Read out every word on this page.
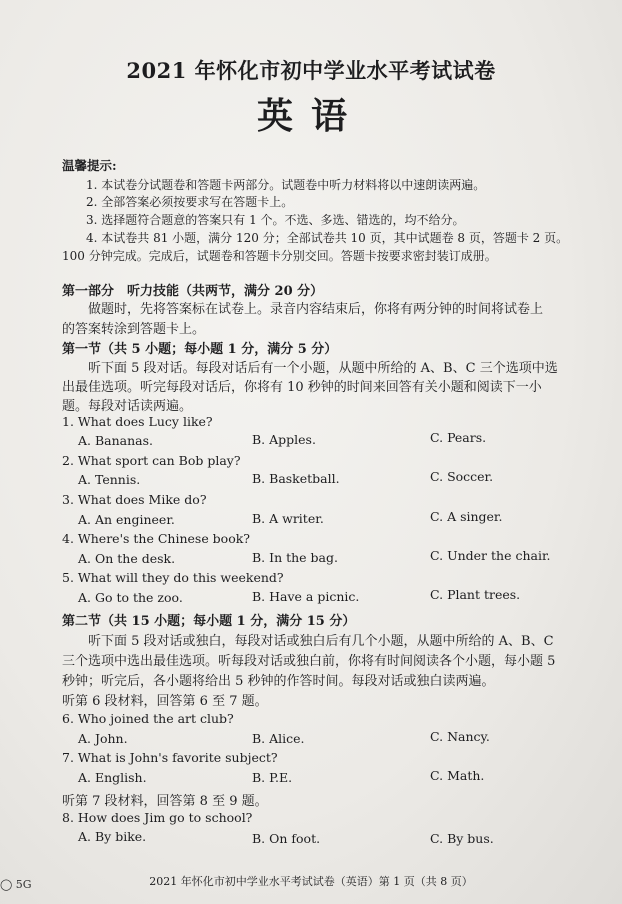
2021 年怀化市初中学业水平考试试卷
英语
温馨提示:
1. 本试卷分试题卷和答题卡两部分。试题卷中听力材料将以中速朗读两遍。
2. 全部答案必须按要求写在答题卡上。
3. 选择题符合题意的答案只有 1 个。不选、多选、错选的，均不给分。
4. 本试卷共 81 小题，满分 120 分；全部试卷共 10 页，其中试题卷 8 页，答题卡 2 页。
100 分钟完成。完成后，试题卷和答题卡分别交回。答题卡按要求密封装订成册。
第一部分　听力技能（共两节，满分 20 分）
做题时，先将答案标在试卷上。录音内容结束后，你将有两分钟的时间将试卷上
的答案转涂到答题卡上。
第一节（共 5 小题；每小题 1 分，满分 5 分）
听下面 5 段对话。每段对话后有一个小题，从题中所给的 A、B、C 三个选项中选
出最佳选项。听完每段对话后，你将有 10 秒钟的时间来回答有关小题和阅读下一小
题。每段对话读两遍。
1. What does Lucy like?
A. Bananas.	B. Apples.	C. Pears.
2. What sport can Bob play?
A. Tennis.	B. Basketball.	C. Soccer.
3. What does Mike do?
A. An engineer.	B. A writer.	C. A singer.
4. Where's the Chinese book?
A. On the desk.	B. In the bag.	C. Under the chair.
5. What will they do this weekend?
A. Go to the zoo.	B. Have a picnic.	C. Plant trees.
第二节（共 15 小题；每小题 1 分，满分 15 分）
听下面 5 段对话或独白，每段对话或独白后有几个小题，从题中所给的 A、B、C
三个选项中选出最佳选项。听每段对话或独白前，你将有时间阅读各个小题，每小题 5
秒钟；听完后，各小题将给出 5 秒钟的作答时间。每段对话或独白读两遍。
听第 6 段材料，回答第 6 至 7 题。
6. Who joined the art club?
A. John.	B. Alice.	C. Nancy.
7. What is John's favorite subject?
A. English.	B. P.E.	C. Math.
听第 7 段材料，回答第 8 至 9 题。
8. How does Jim go to school?
A. By bike.	B. On foot.	C. By bus.
2021 年怀化市初中学业水平考试试卷（英语）第 1 页（共 8 页）
◯ 5G
